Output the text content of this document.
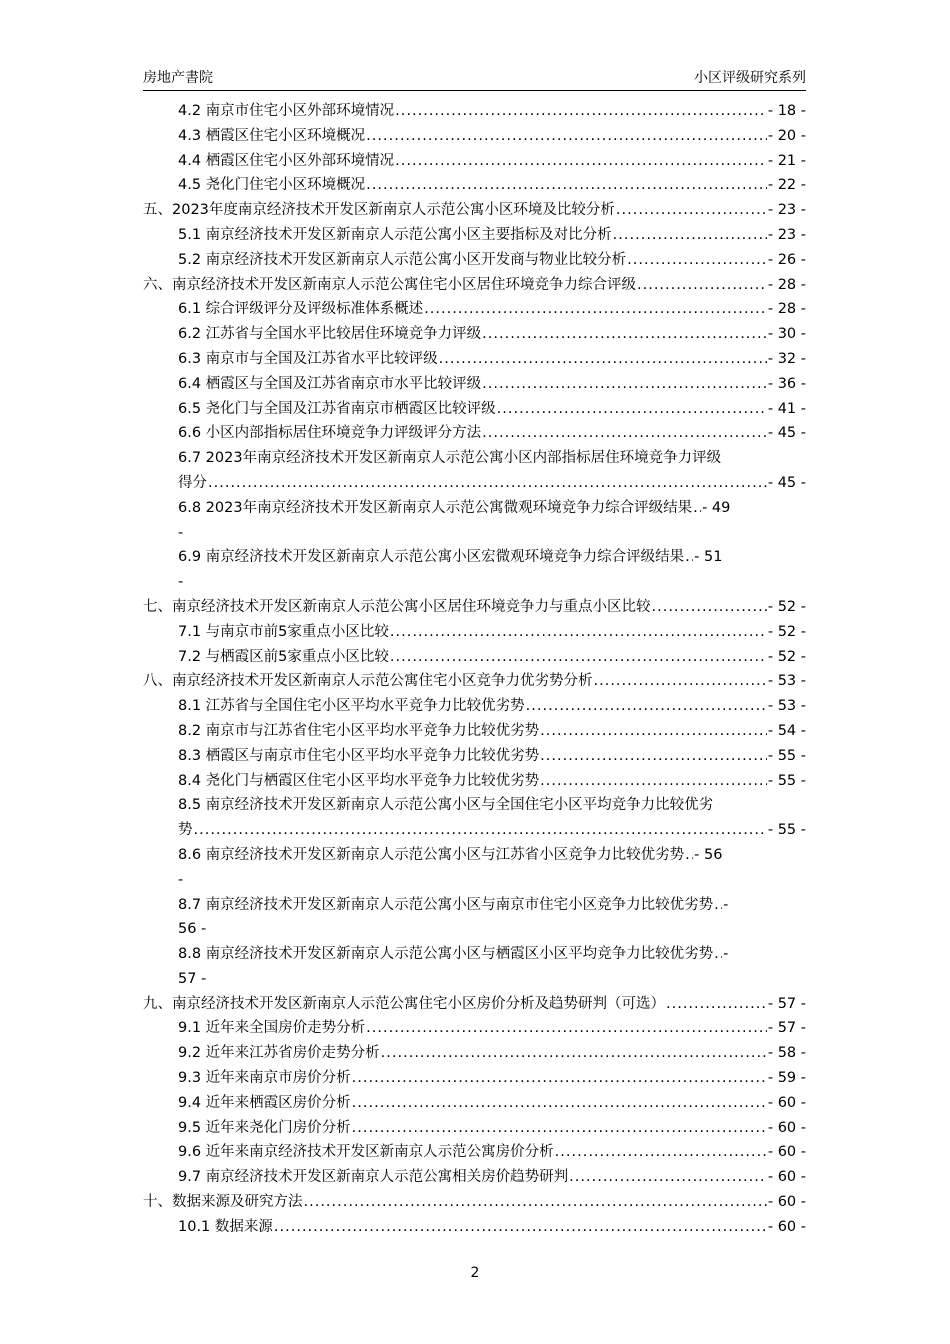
房地产書院	小区评级研究系列
4.2 南京市住宅小区外部环境情况 .....	- 18 -
4.3 栖霞区住宅小区环境概况 .....	- 20 -
4.4 栖霞区住宅小区外部环境情况 .....	- 21 -
4.5 尧化门住宅小区环境概况 .....	- 22 -
五、2023年度南京经济技术开发区新南京人示范公寓小区环境及比较分析 .....	- 23 -
5.1 南京经济技术开发区新南京人示范公寓小区主要指标及对比分析 .....	- 23 -
5.2 南京经济技术开发区新南京人示范公寓小区开发商与物业比较分析 .....	- 26 -
六、南京经济技术开发区新南京人示范公寓住宅小区居住环境竞争力综合评级 .....	- 28 -
6.1 综合评级评分及评级标准体系概述 .....	- 28 -
6.2 江苏省与全国水平比较居住环境竞争力评级 .....	- 30 -
6.3 南京市与全国及江苏省水平比较评级 .....	- 32 -
6.4 栖霞区与全国及江苏省南京市水平比较评级 .....	- 36 -
6.5 尧化门与全国及江苏省南京市栖霞区比较评级 .....	- 41 -
6.6 小区内部指标居住环境竞争力评级评分方法 .....	- 45 -
6.7 2023年南京经济技术开发区新南京人示范公寓小区内部指标居住环境竞争力评级
得分 .....	- 45 -
6.8 2023年南京经济技术开发区新南京人示范公寓微观环境竞争力综合评级结果 ..... - 49
-
6.9 南京经济技术开发区新南京人示范公寓小区宏微观环境竞争力综合评级结果 ..... - 51
-
七、南京经济技术开发区新南京人示范公寓小区居住环境竞争力与重点小区比较 .....	- 52 -
7.1 与南京市前5家重点小区比较 .....	- 52 -
7.2 与栖霞区前5家重点小区比较 .....	- 52 -
八、南京经济技术开发区新南京人示范公寓住宅小区竞争力优劣势分析 .....	- 53 -
8.1 江苏省与全国住宅小区平均水平竞争力比较优劣势 .....	- 53 -
8.2 南京市与江苏省住宅小区平均水平竞争力比较优劣势 .....	- 54 -
8.3 栖霞区与南京市住宅小区平均水平竞争力比较优劣势 .....	- 55 -
8.4 尧化门与栖霞区住宅小区平均水平竞争力比较优劣势 .....	- 55 -
8.5 南京经济技术开发区新南京人示范公寓小区与全国住宅小区平均竞争力比较优劣
势 .....	- 55 -
8.6 南京经济技术开发区新南京人示范公寓小区与江苏省小区竞争力比较优劣势 ..... - 56
-
8.7 南京经济技术开发区新南京人示范公寓小区与南京市住宅小区竞争力比较优劣势 ..... -
56 -
8.8 南京经济技术开发区新南京人示范公寓小区与栖霞区小区平均竞争力比较优劣势 ..... -
57 -
九、南京经济技术开发区新南京人示范公寓住宅小区房价分析及趋势研判（可选） .....	- 57 -
9.1 近年来全国房价走势分析 .....	- 57 -
9.2 近年来江苏省房价走势分析 .....	- 58 -
9.3 近年来南京市房价分析 .....	- 59 -
9.4 近年来栖霞区房价分析 .....	- 60 -
9.5 近年来尧化门房价分析 .....	- 60 -
9.6 近年来南京经济技术开发区新南京人示范公寓房价分析 .....	- 60 -
9.7 南京经济技术开发区新南京人示范公寓相关房价趋势研判 .....	- 60 -
十、数据来源及研究方法 .....	- 60 -
10.1 数据来源 .....	- 60 -
2
